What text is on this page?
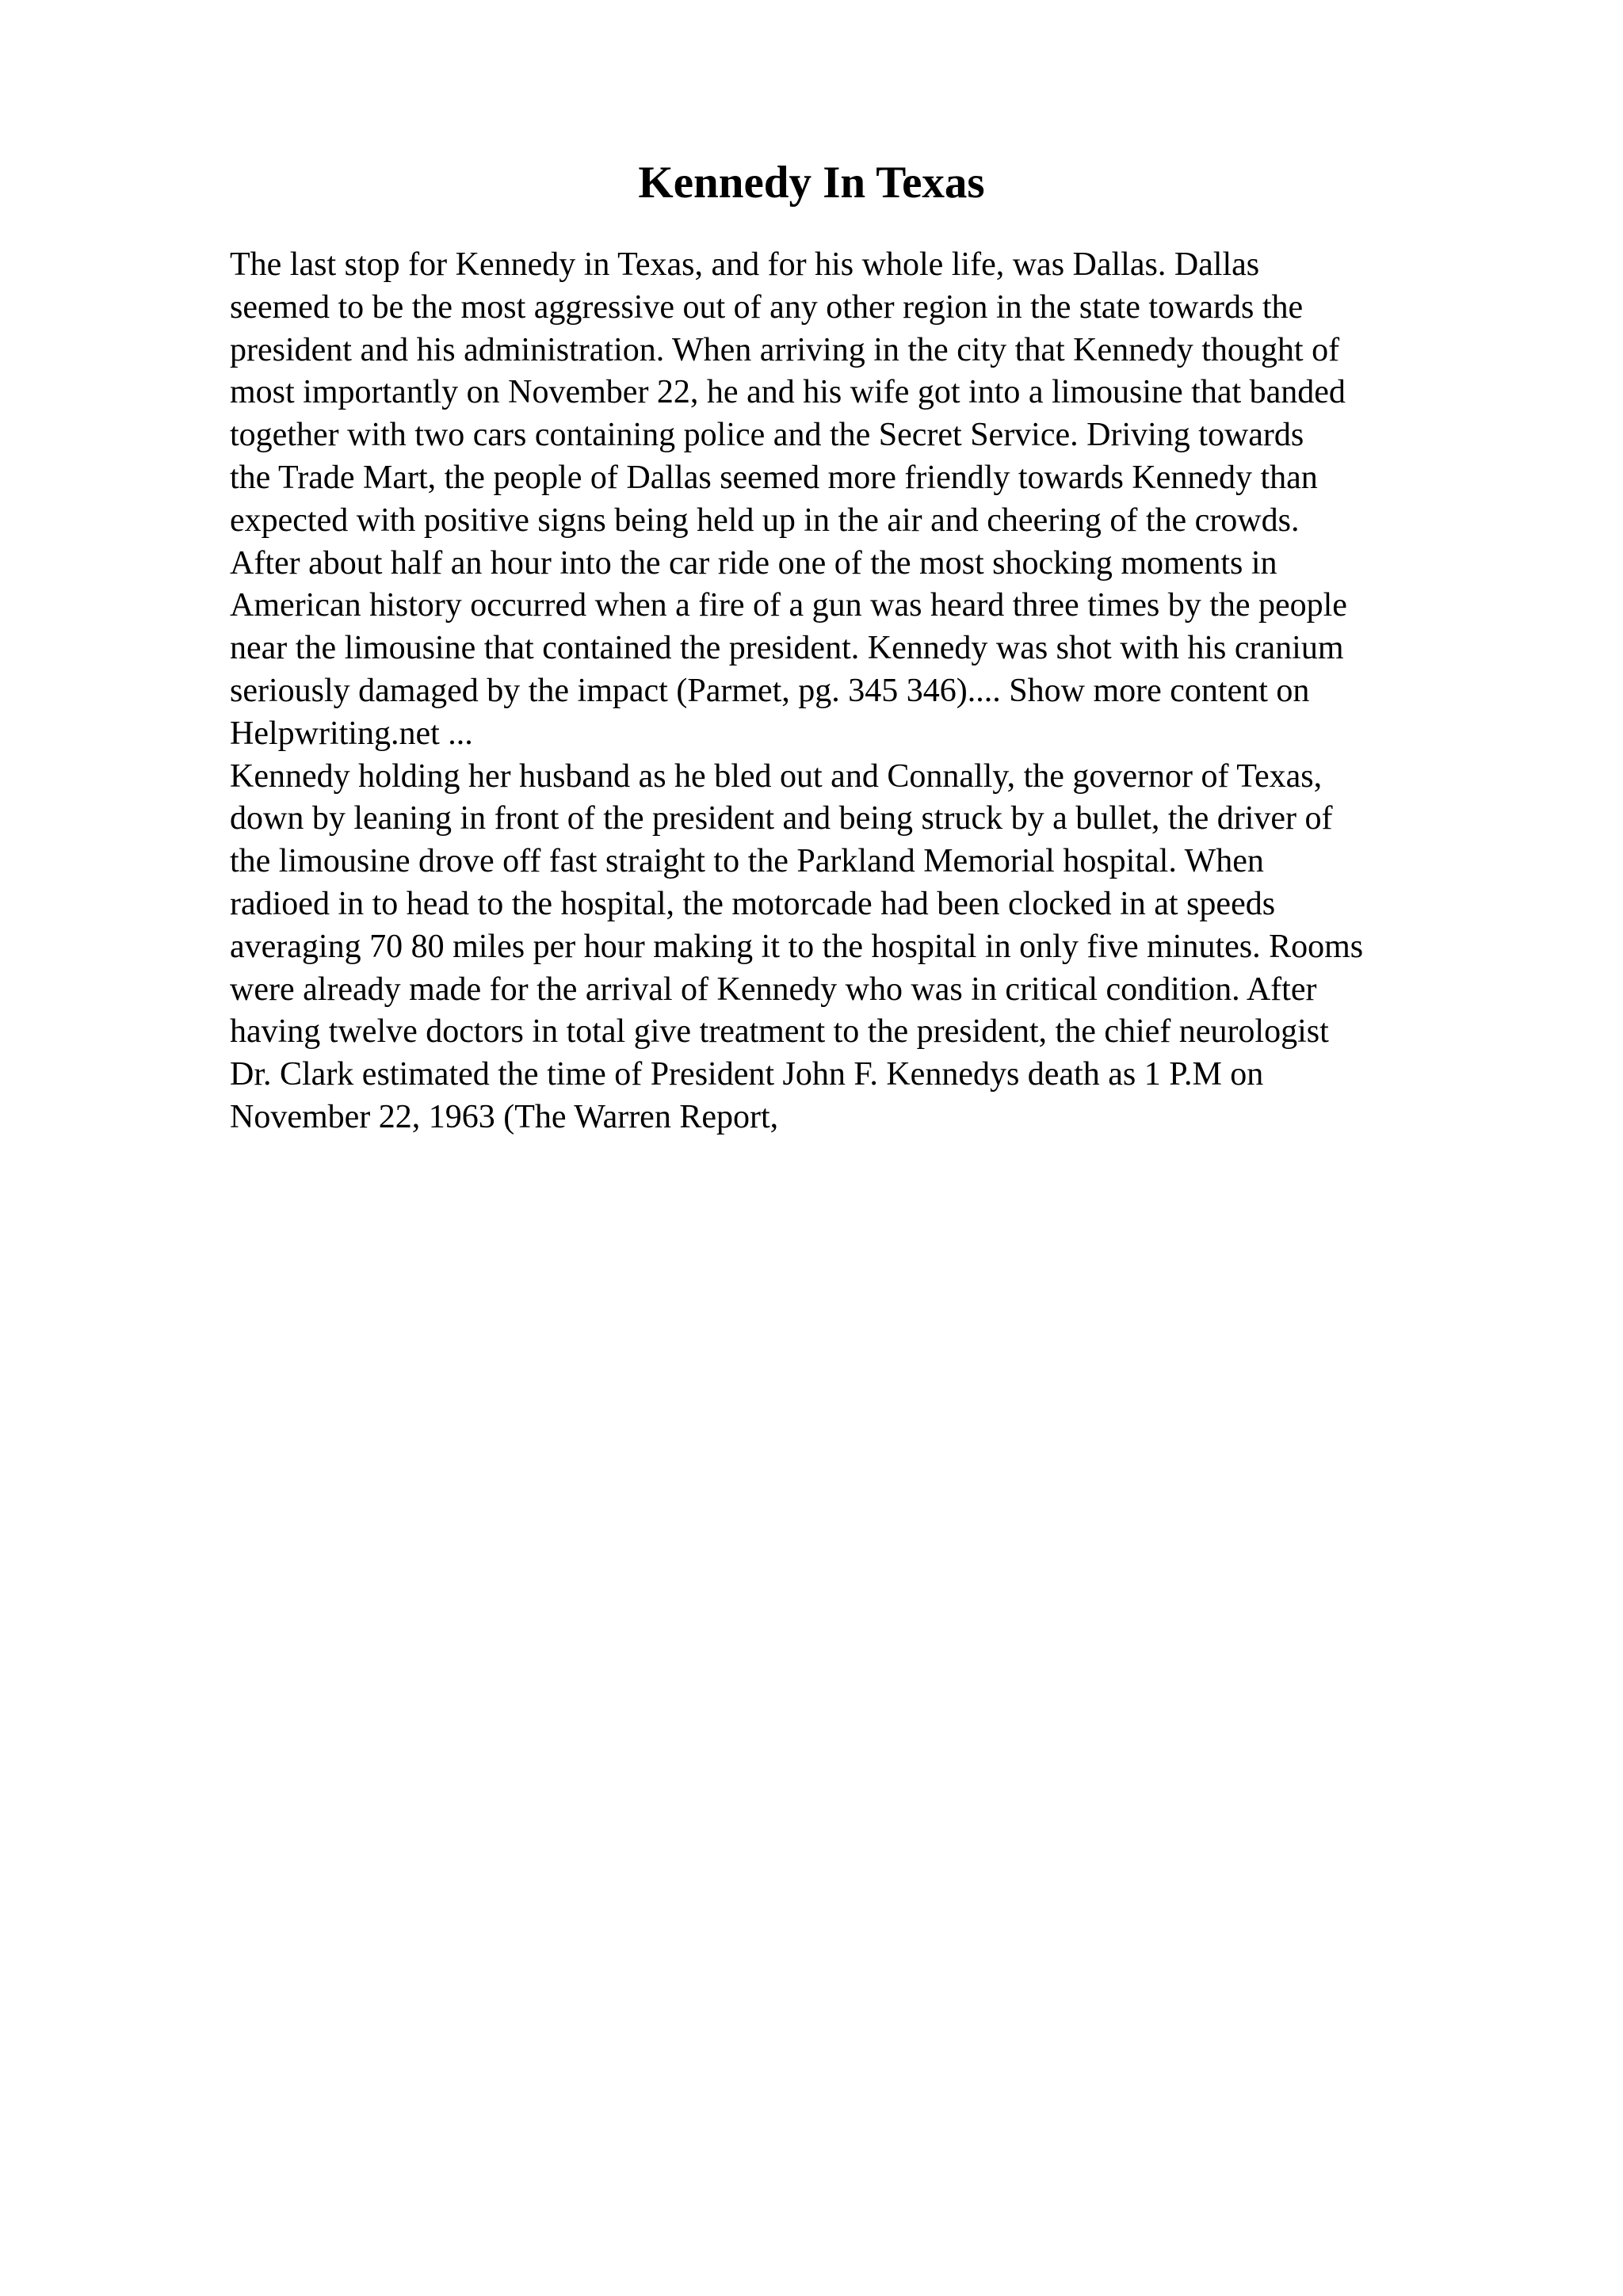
Kennedy In Texas
The last stop for Kennedy in Texas, and for his whole life, was Dallas. Dallas
seemed to be the most aggressive out of any other region in the state towards the
president and his administration. When arriving in the city that Kennedy thought of
most importantly on November 22, he and his wife got into a limousine that banded
together with two cars containing police and the Secret Service. Driving towards
the Trade Mart, the people of Dallas seemed more friendly towards Kennedy than
expected with positive signs being held up in the air and cheering of the crowds.
After about half an hour into the car ride one of the most shocking moments in
American history occurred when a fire of a gun was heard three times by the people
near the limousine that contained the president. Kennedy was shot with his cranium
seriously damaged by the impact (Parmet, pg. 345 346).... Show more content on
Helpwriting.net ...
Kennedy holding her husband as he bled out and Connally, the governor of Texas,
down by leaning in front of the president and being struck by a bullet, the driver of
the limousine drove off fast straight to the Parkland Memorial hospital. When
radioed in to head to the hospital, the motorcade had been clocked in at speeds
averaging 70 80 miles per hour making it to the hospital in only five minutes. Rooms
were already made for the arrival of Kennedy who was in critical condition. After
having twelve doctors in total give treatment to the president, the chief neurologist
Dr. Clark estimated the time of President John F. Kennedys death as 1 P.M on
November 22, 1963 (The Warren Report,
